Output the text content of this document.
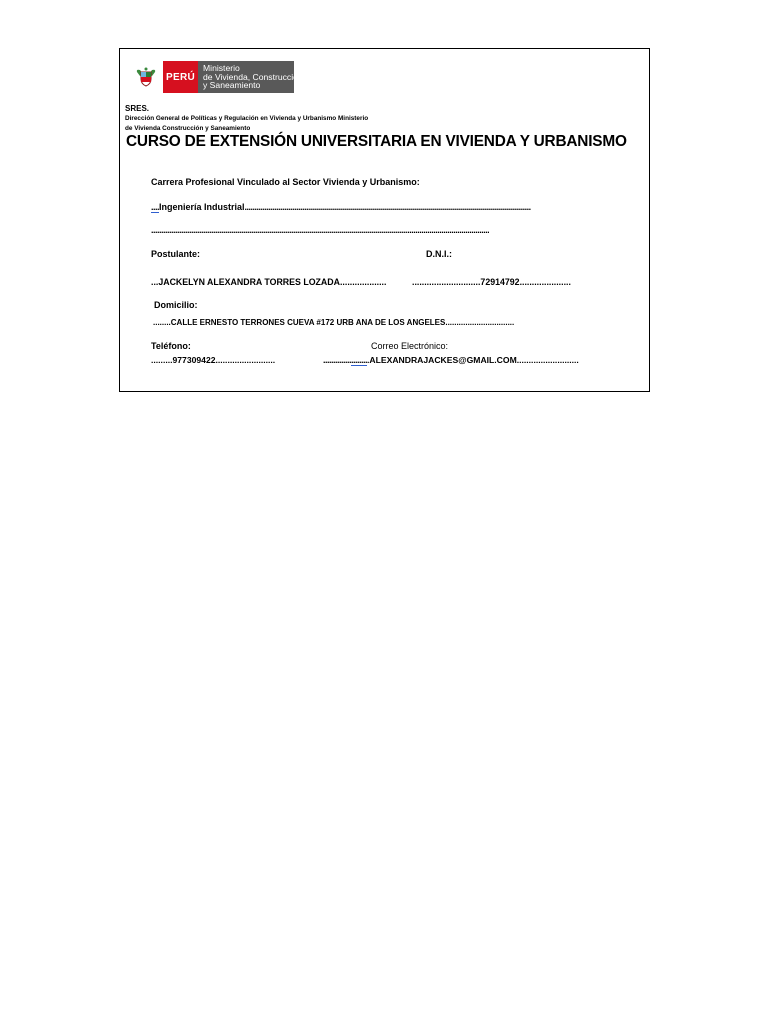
PERÚ
Ministerio
de Vivienda, Construcción
y Saneamiento
SRES.
Dirección General de Políticas y Regulación en Vivienda y Urbanismo Ministerio
de Vivienda Construcción y Saneamiento
CURSO DE EXTENSIÓN UNIVERSITARIA EN VIVIENDA Y URBANISMO
Carrera Profesional Vinculado al Sector Vivienda y Urbanismo:
....Ingeniería Industrial...............................................................................................................................................
.........................................................................................................................................................................
Postulante:	D.N.I.:
...JACKELYN ALEXANDRA TORRES LOZADA...................	............................72914792.....................
Domicilio:
........CALLE ERNESTO TERRONES CUEVA #172 URB ANA DE LOS ANGELES...............................
Teléfono:	Correo Electrónico:
.........977309422.........................	.......................ALEXANDRAJACKES@GMAIL.COM..........................
